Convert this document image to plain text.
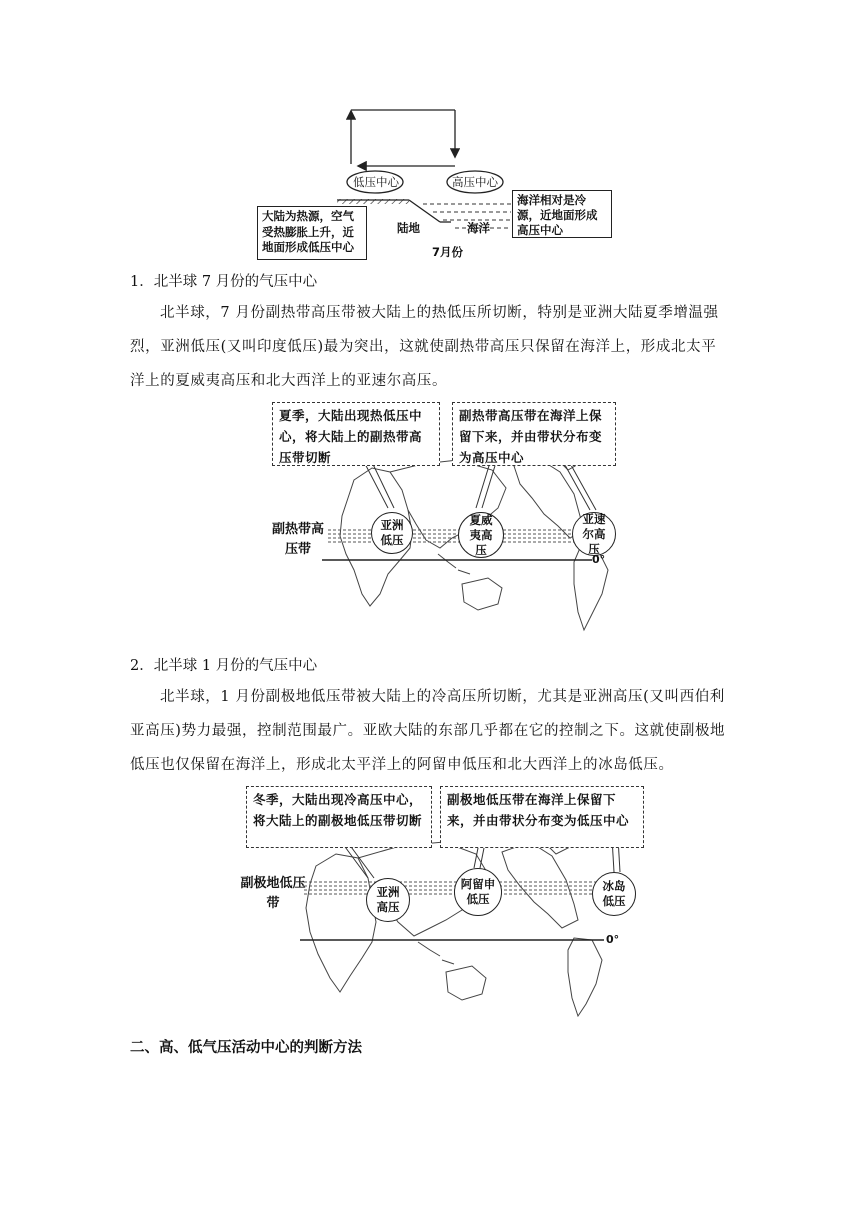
低压中心	高压中心
大陆为热源，空气受热膨胀上升，近地面形成低压中心
海洋相对是冷源，近地面形成高压中心
陆地	海洋
7月份
1．北半球 7 月份的气压中心
北半球，7 月份副热带高压带被大陆上的热低压所切断，特别是亚洲大陆夏季增温强烈，亚洲低压(又叫印度低压)最为突出，这就使副热带高压只保留在海洋上，形成北太平洋上的夏威夷高压和北大西洋上的亚速尔高压。
夏季，大陆出现热低压中心，将大陆上的副热带高压带切断
副热带高压带在海洋上保留下来，并由带状分布变为高压中心
副热带高压带
亚洲低压
夏威夷高压
亚速尔高压
0°
2．北半球 1 月份的气压中心
北半球，1 月份副极地低压带被大陆上的冷高压所切断，尤其是亚洲高压(又叫西伯利亚高压)势力最强，控制范围最广。亚欧大陆的东部几乎都在它的控制之下。这就使副极地低压也仅保留在海洋上，形成北太平洋上的阿留申低压和北大西洋上的冰岛低压。
冬季，大陆出现冷高压中心，将大陆上的副极地低压带切断
副极地低压带在海洋上保留下来，并由带状分布变为低压中心
副极地低压带
亚洲高压
阿留申低压
冰岛低压
0°
二、高、低气压活动中心的判断方法
